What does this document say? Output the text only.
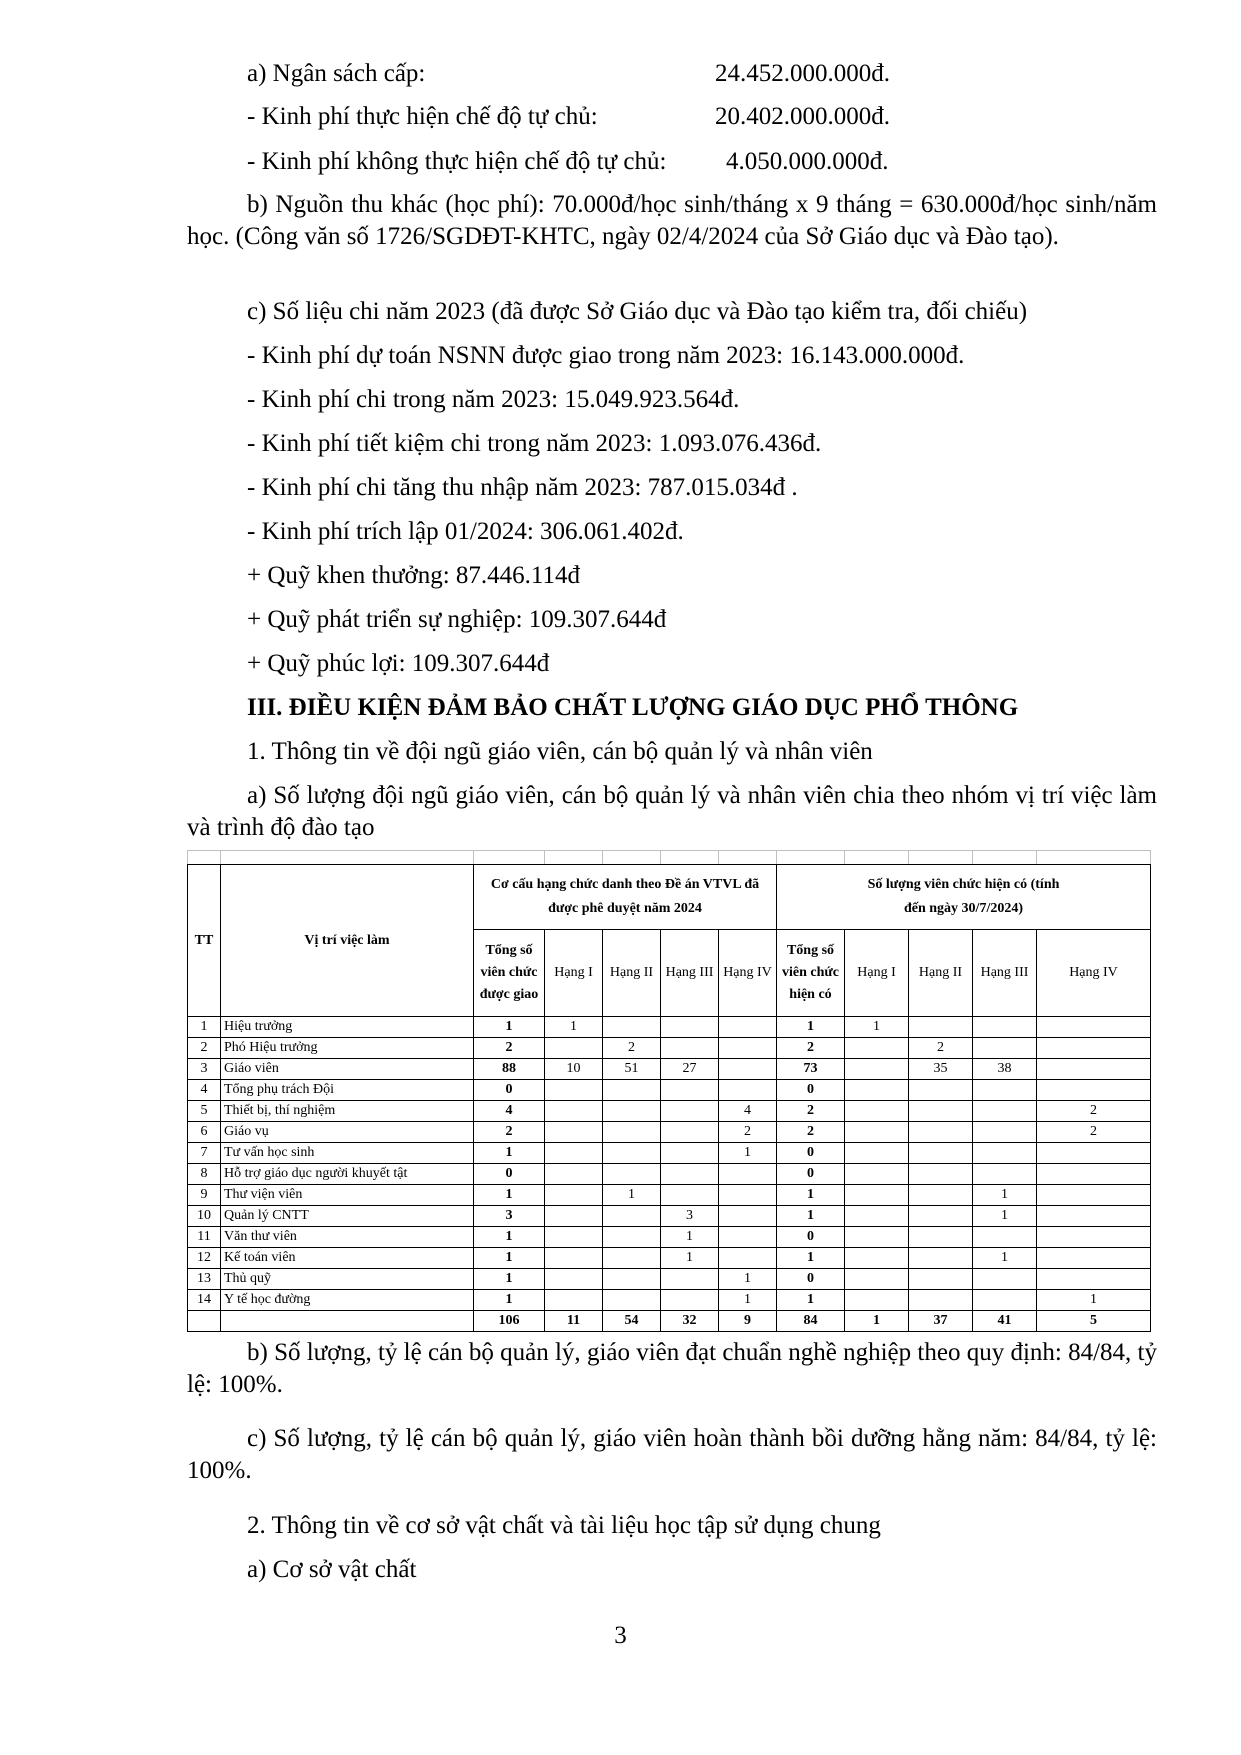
a) Ngân sách cấp:	24.452.000.000đ.
- Kinh phí thực hiện chế độ tự chủ:	20.402.000.000đ.
- Kinh phí không thực hiện chế độ tự chủ: 4.050.000.000đ.
b) Nguồn thu khác (học phí): 70.000đ/học sinh/tháng x 9 tháng = 630.000đ/học sinh/năm học. (Công văn số 1726/SGDĐT-KHTC, ngày 02/4/2024 của Sở Giáo dục và Đào tạo).
c) Số liệu chi năm 2023 (đã được Sở Giáo dục và Đào tạo kiểm tra, đối chiếu)
- Kinh phí dự toán NSNN được giao trong năm 2023: 16.143.000.000đ.
- Kinh phí chi trong năm 2023: 15.049.923.564đ.
- Kinh phí tiết kiệm chi trong năm 2023: 1.093.076.436đ.
- Kinh phí chi tăng thu nhập năm 2023: 787.015.034đ .
- Kinh phí trích lập 01/2024: 306.061.402đ.
+ Quỹ khen thưởng: 87.446.114đ
+ Quỹ phát triển sự nghiệp: 109.307.644đ
+ Quỹ phúc lợi: 109.307.644đ
III. ĐIỀU KIỆN ĐẢM BẢO CHẤT LƯỢNG GIÁO DỤC PHỔ THÔNG
1. Thông tin về đội ngũ giáo viên, cán bộ quản lý và nhân viên
a) Số lượng đội ngũ giáo viên, cán bộ quản lý và nhân viên chia theo nhóm vị trí việc làm và trình độ đào tạo

TT	Vị trí việc làm	Cơ cấu hạng chức danh theo Đề án VTVL đã được phê duyệt năm 2024					Số lượng viên chức hiện có (tính đến ngày 30/7/2024)				
		Tổng số viên chức được giao	Hạng I	Hạng II	Hạng III	Hạng IV	Tổng số viên chức hiện có	Hạng I	Hạng II	Hạng III	Hạng IV
1	Hiệu trưởng	1	1				1	1			
2	Phó Hiệu trưởng	2		2			2		2		
3	Giáo viên	88	10	51	27		73		35	38	
4	Tổng phụ trách Đội	0					0				
5	Thiết bị, thí nghiệm	4				4	2				2
6	Giáo vụ	2				2	2				2
7	Tư vấn học sinh	1				1	0				
8	Hỗ trợ giáo dục người khuyết tật	0					0				
9	Thư viện viên	1		1			1			1	
10	Quản lý CNTT	3			3		1			1	
11	Văn thư viên	1			1		0				
12	Kế toán viên	1			1		1			1	
13	Thủ quỹ	1				1	0				
14	Y tế học đường	1				1	1				1
		106	11	54	32	9	84	1	37	41	5
b) Số lượng, tỷ lệ cán bộ quản lý, giáo viên đạt chuẩn nghề nghiệp theo quy định: 84/84, tỷ lệ: 100%.
c) Số lượng, tỷ lệ cán bộ quản lý, giáo viên hoàn thành bồi dưỡng hằng năm: 84/84, tỷ lệ: 100%.
2. Thông tin về cơ sở vật chất và tài liệu học tập sử dụng chung
a) Cơ sở vật chất
3
